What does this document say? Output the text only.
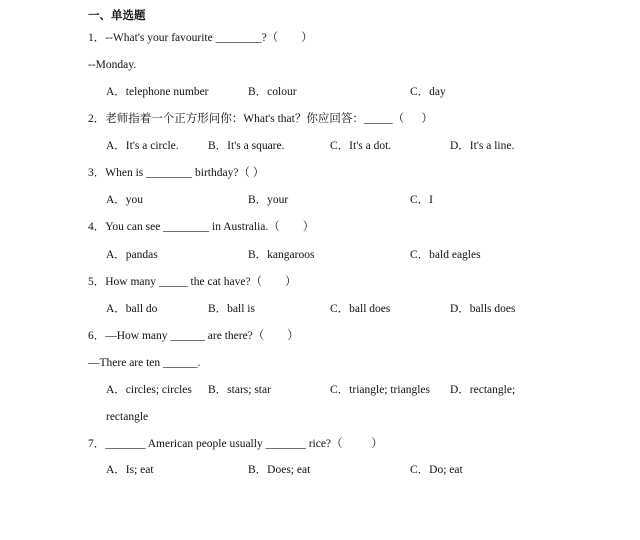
一、单选题

1．--What's your favourite ________?（        ）

--Monday.

A．telephone number

	B．colour

	C．day

2．老师指着一个正方形问你：What's that？你应回答：_____（      ）

A．It's a circle.

	B．It's a square.

	C．It's a dot.

	D．It's a line.

3．When is ________ birthday?（ ）

A．you

	B．your

	C．I

4．You can see ________ in Australia.（        ）

A．pandas

	B．kangaroos

	C．bald eagles

5．How many _____ the cat have?（        ）

A．ball do

	B．ball is

	C．ball does

	D．balls does

6．—How many ______ are there?（        ）

—There are ten ______.

A．circles; circles

B．stars; star

	C．triangle; triangles

D．rectangle;

rectangle

7．_______ American people usually _______ rice?（          ）

A．Is; eat

	B．Does; eat

	C．Do; eat
